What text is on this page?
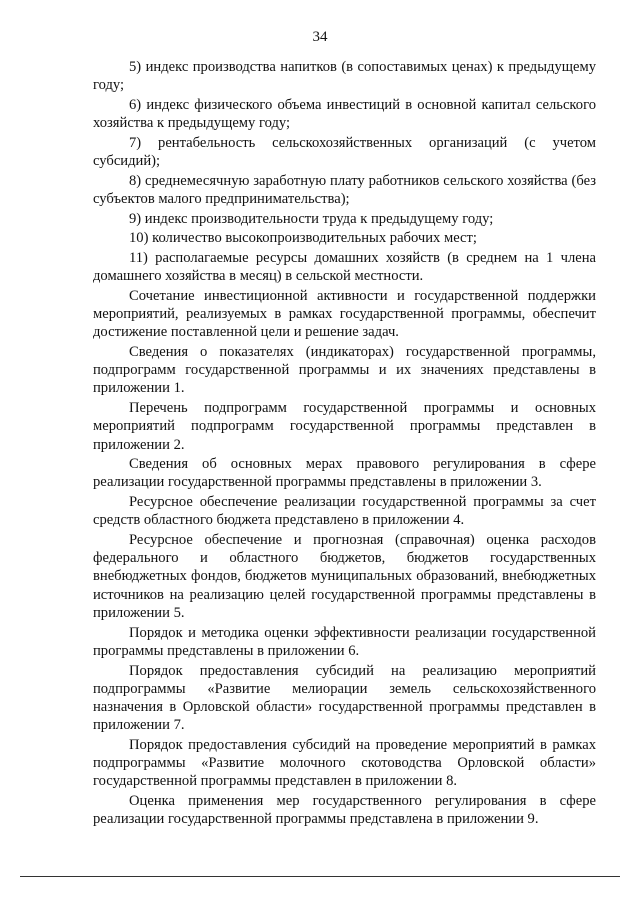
34

5) индекс производства напитков (в сопоставимых ценах) к предыдущему году;

6) индекс физического объема инвестиций в основной капитал сельского хозяйства к предыдущему году;

7) рентабельность сельскохозяйственных организаций (с учетом субсидий);

8) среднемесячную заработную плату работников сельского хозяйства (без субъектов малого предпринимательства);

9) индекс производительности труда к предыдущему году;

10) количество высокопроизводительных рабочих мест;

11) располагаемые ресурсы домашних хозяйств (в среднем на 1 члена домашнего хозяйства в месяц) в сельской местности.

Сочетание инвестиционной активности и государственной поддержки мероприятий, реализуемых в рамках государственной программы, обеспечит достижение поставленной цели и решение задач.

Сведения о показателях (индикаторах) государственной программы, подпрограмм государственной программы и их значениях представлены в приложении 1.

Перечень подпрограмм государственной программы и основных мероприятий подпрограмм государственной программы представлен в приложении 2.

Сведения об основных мерах правового регулирования в сфере реализации государственной программы представлены в приложении 3.

Ресурсное обеспечение реализации государственной программы за счет средств областного бюджета представлено в приложении 4.

Ресурсное обеспечение и прогнозная (справочная) оценка расходов федерального и областного бюджетов, бюджетов государственных внебюджетных фондов, бюджетов муниципальных образований, внебюджетных источников на реализацию целей государственной программы представлены в приложении 5.

Порядок и методика оценки эффективности реализации государственной программы представлены в приложении 6.

Порядок предоставления субсидий на реализацию мероприятий подпрограммы «Развитие мелиорации земель сельскохозяйственного назначения в Орловской области» государственной программы представлен в приложении 7.

Порядок предоставления субсидий на проведение мероприятий в рамках подпрограммы «Развитие молочного скотоводства Орловской области» государственной программы представлен в приложении 8.

Оценка применения мер государственного регулирования в сфере реализации государственной программы представлена в приложении 9.
